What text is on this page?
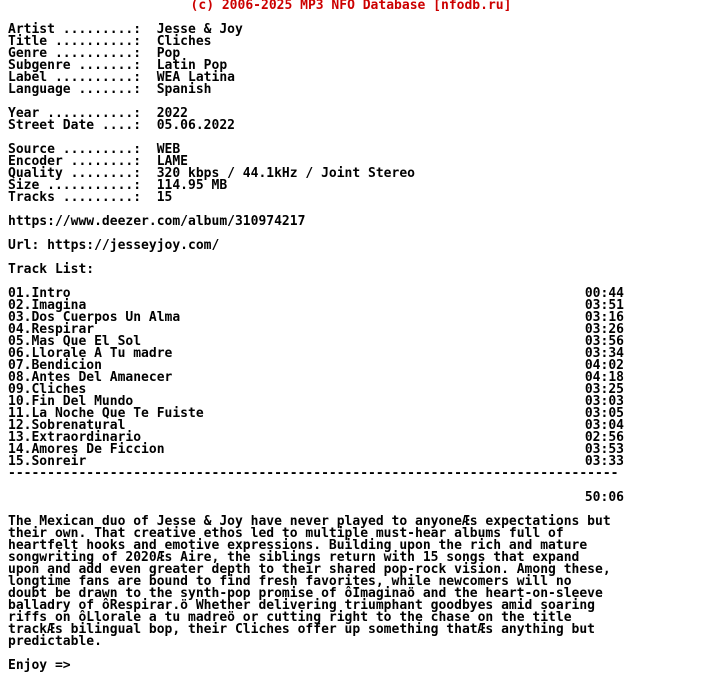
(c) 2006-2025 MP3 NFO Database [nfodb.ru]
Artist .........:  Jesse & Joy
Title ..........:  Cliches
Genre ..........:  Pop
Subgenre .......:  Latin Pop
Label ..........:  WEA Latina
Language .......:  Spanish
Year ...........:  2022
Street Date ....:  05.06.2022
Source .........:  WEB
Encoder ........:  LAME
Quality ........:  320 kbps / 44.1kHz / Joint Stereo
Size ...........:  114.95 MB
Tracks .........:  15
https://www.deezer.com/album/310974217
Url: https://jesseyjoy.com/
Track List:
01.Intro	00:44
02.Imagina	03:51
03.Dos Cuerpos Un Alma	03:16
04.Respirar	03:26
05.Mas Que El Sol	03:56
06.Llorale A Tu madre	03:34
07.Bendicion	04:02
08.Antes Del Amanecer	04:18
09.Cliches	03:25
10.Fin Del Mundo	03:03
11.La Noche Que Te Fuiste	03:05
12.Sobrenatural	03:04
13.Extraordinario	02:56
14.Amores De Ficcion	03:53
15.Sonreir	03:33
------------------------------------------------------------------------------
50:06
The Mexican duo of Jesse & Joy have never played to anyoneÆs expectations but
their own. That creative ethos led to multiple must-hear albums full of
heartfelt hooks and emotive expressions. Building upon the rich and mature
songwriting of 2020Æs Aire, the siblings return with 15 songs that expand
upon and add even greater depth to their shared pop-rock vision. Among these,
longtime fans are bound to find fresh favorites, while newcomers will no
doubt be drawn to the synth-pop promise of ôImaginaö and the heart-on-sleeve
balladry of ôRespirar.ö Whether delivering triumphant goodbyes amid soaring
riffs on ôLlorale a tu madreö or cutting right to the chase on the title
trackÆs bilingual bop, their Cliches offer up something thatÆs anything but
predictable.
Enjoy =>
